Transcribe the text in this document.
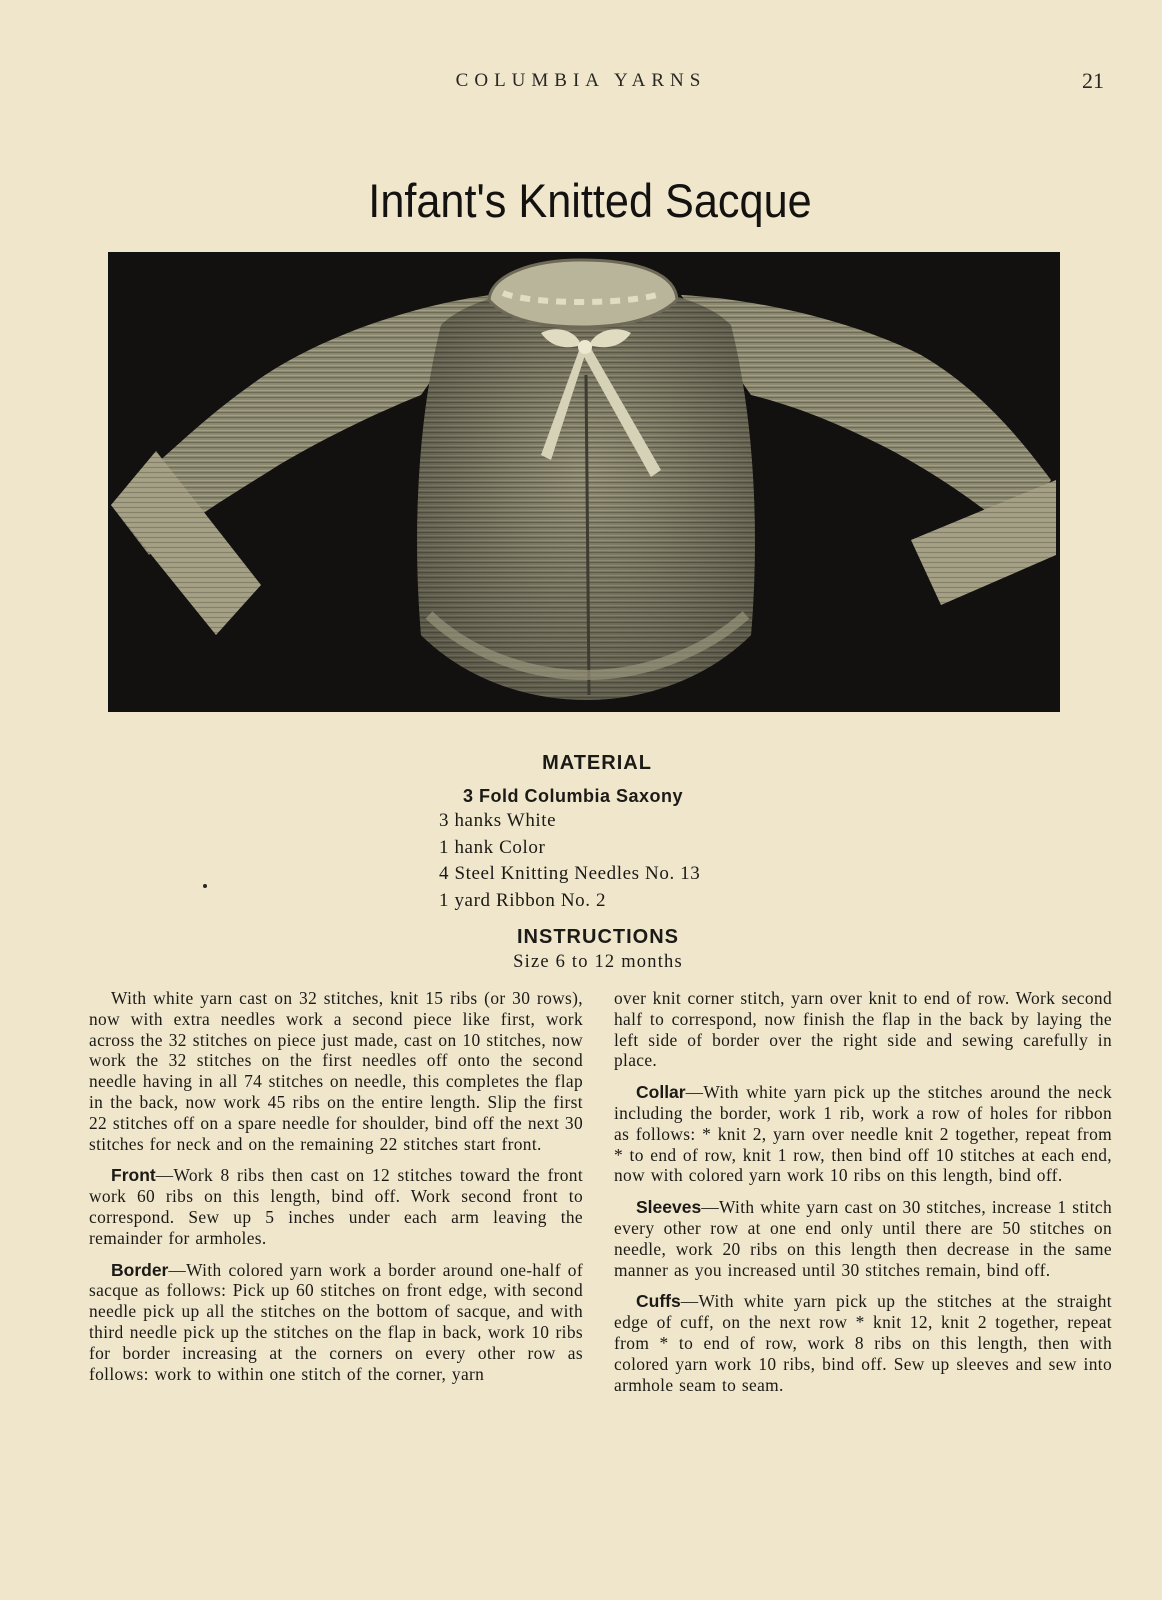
COLUMBIA YARNS	21
Infant's Knitted Sacque
MATERIAL
3 Fold Columbia Saxony
3 hanks White
1 hank Color
4 Steel Knitting Needles No. 13
1 yard Ribbon No. 2
INSTRUCTIONS
Size 6 to 12 months

With white yarn cast on 32 stitches, knit 15 ribs (or 30 rows), now with extra needles work a second piece like first, work across the 32 stitches on piece just made, cast on 10 stitches, now work the 32 stitches on the first needles off onto the second needle having in all 74 stitches on needle, this completes the flap in the back, now work 45 ribs on the entire length. Slip the first 22 stitches off on a spare needle for shoulder, bind off the next 30 stitches for neck and on the remaining 22 stitches start front.

Front—Work 8 ribs then cast on 12 stitches toward the front work 60 ribs on this length, bind off. Work second front to correspond. Sew up 5 inches under each arm leaving the remainder for armholes.

Border—With colored yarn work a border around one-half of sacque as follows: Pick up 60 stitches on front edge, with second needle pick up all the stitches on the bottom of sacque, and with third needle pick up the stitches on the flap in back, work 10 ribs for border increasing at the corners on every other row as follows: work to within one stitch of the corner, yarn

over knit corner stitch, yarn over knit to end of row. Work second half to correspond, now finish the flap in the back by laying the left side of border over the right side and sewing carefully in place.

Collar—With white yarn pick up the stitches around the neck including the border, work 1 rib, work a row of holes for ribbon as follows: * knit 2, yarn over needle knit 2 together, repeat from * to end of row, knit 1 row, then bind off 10 stitches at each end, now with colored yarn work 10 ribs on this length, bind off.

Sleeves—With white yarn cast on 30 stitches, increase 1 stitch every other row at one end only until there are 50 stitches on needle, work 20 ribs on this length then decrease in the same manner as you increased until 30 stitches remain, bind off.

Cuffs—With white yarn pick up the stitches at the straight edge of cuff, on the next row * knit 12, knit 2 together, repeat from * to end of row, work 8 ribs on this length, then with colored yarn work 10 ribs, bind off. Sew up sleeves and sew into armhole seam to seam.
